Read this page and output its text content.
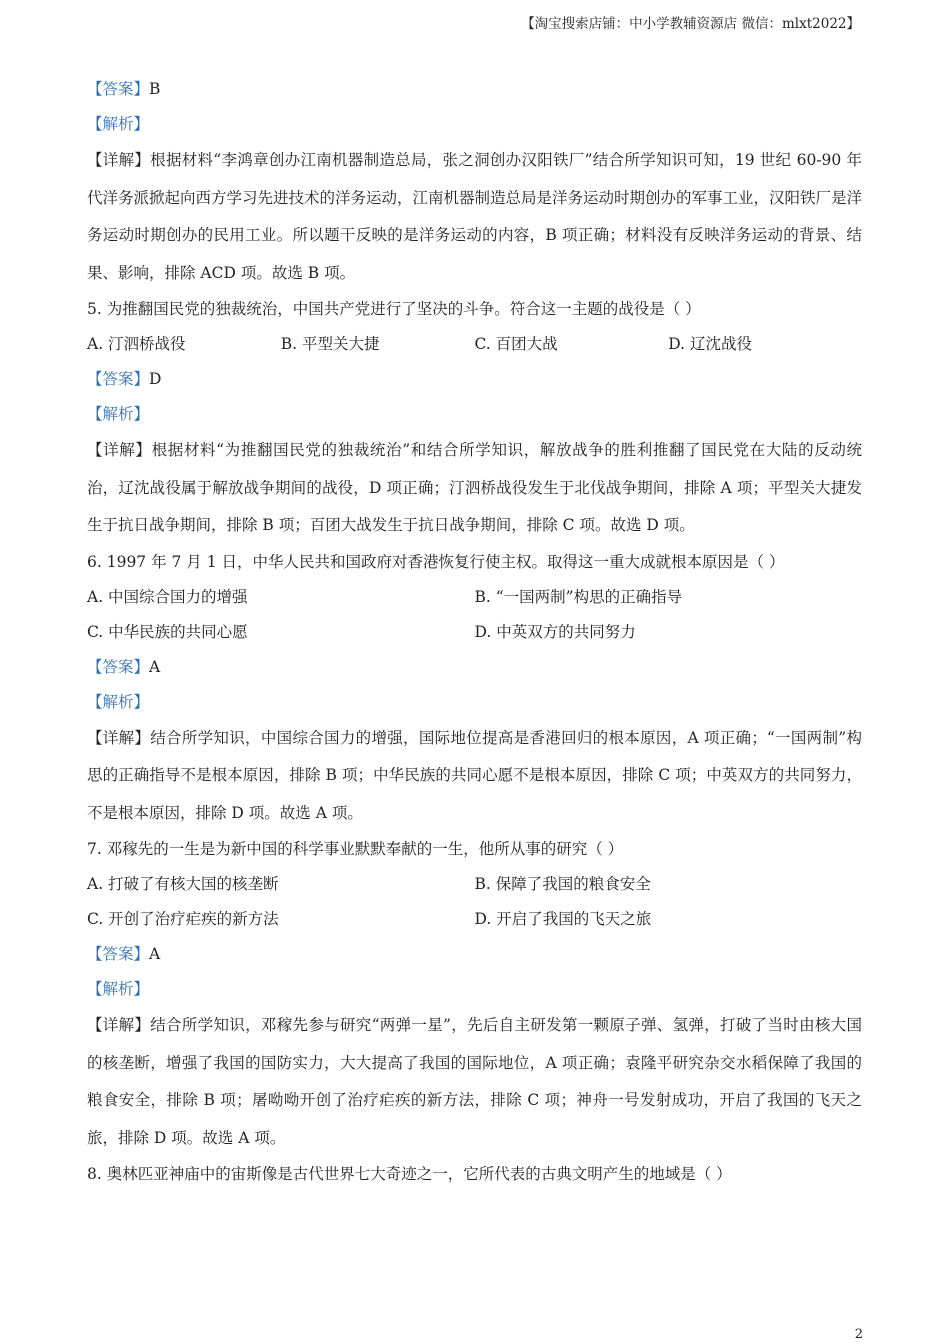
【淘宝搜索店铺：中小学教辅资源店 微信：mlxt2022】
【答案】B
【解析】
【详解】根据材料“李鸿章创办江南机器制造总局，张之洞创办汉阳铁厂”结合所学知识可知，19 世纪 60-90 年代洋务派掀起向西方学习先进技术的洋务运动，江南机器制造总局是洋务运动时期创办的军事工业，汉阳铁厂是洋务运动时期创办的民用工业。所以题干反映的是洋务运动的内容，B 项正确；材料没有反映洋务运动的背景、结果、影响，排除 ACD 项。故选 B 项。
5. 为推翻国民党的独裁统治，中国共产党进行了坚决的斗争。符合这一主题的战役是（ ）
A. 汀泗桥战役	B. 平型关大捷	C. 百团大战	D. 辽沈战役
【答案】D
【解析】
【详解】根据材料“为推翻国民党的独裁统治”和结合所学知识，解放战争的胜利推翻了国民党在大陆的反动统治，辽沈战役属于解放战争期间的战役，D 项正确；汀泗桥战役发生于北伐战争期间，排除 A 项；平型关大捷发生于抗日战争期间，排除 B 项；百团大战发生于抗日战争期间，排除 C 项。故选 D 项。
6. 1997 年 7 月 1 日，中华人民共和国政府对香港恢复行使主权。取得这一重大成就根本原因是（ ）
A. 中国综合国力的增强	B. “一国两制”构思的正确指导
C. 中华民族的共同心愿	D. 中英双方的共同努力
【答案】A
【解析】
【详解】结合所学知识，中国综合国力的增强，国际地位提高是香港回归的根本原因，A 项正确；“一国两制”构思的正确指导不是根本原因，排除 B 项；中华民族的共同心愿不是根本原因，排除 C 项；中英双方的共同努力，不是根本原因，排除 D 项。故选 A 项。
7. 邓稼先的一生是为新中国的科学事业默默奉献的一生，他所从事的研究（ ）
A. 打破了有核大国的核垄断	B. 保障了我国的粮食安全
C. 开创了治疗疟疾的新方法	D. 开启了我国的飞天之旅
【答案】A
【解析】
【详解】结合所学知识，邓稼先参与研究“两弹一星”，先后自主研发第一颗原子弹、氢弹，打破了当时由核大国的核垄断，增强了我国的国防实力，大大提高了我国的国际地位，A 项正确；袁隆平研究杂交水稻保障了我国的粮食安全，排除 B 项；屠呦呦开创了治疗疟疾的新方法，排除 C 项；神舟一号发射成功，开启了我国的飞天之旅，排除 D 项。故选 A 项。
8. 奥林匹亚神庙中的宙斯像是古代世界七大奇迹之一，它所代表的古典文明产生的地域是（ ）
2
